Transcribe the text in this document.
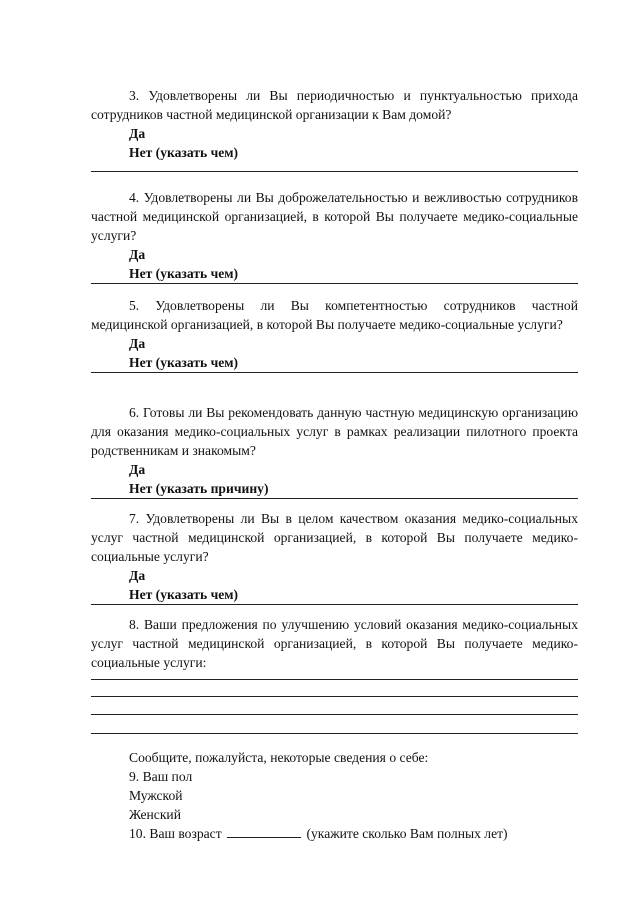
3. Удовлетворены ли Вы периодичностью и пунктуальностью прихода сотрудников частной медицинской организации к Вам домой?

Да

Нет (указать чем)

4. Удовлетворены ли Вы доброжелательностью и вежливостью сотрудников частной медицинской организацией, в которой Вы получаете медико-социальные услуги?

Да

Нет (указать чем)

5. Удовлетворены ли Вы компетентностью сотрудников частной медицинской организацией, в которой Вы получаете медико-социальные услуги?

Да

Нет (указать чем)

6. Готовы ли Вы рекомендовать данную частную медицинскую организацию для оказания медико-социальных услуг в рамках реализации пилотного проекта родственникам и знакомым?

Да

Нет (указать причину)

7. Удовлетворены ли Вы в целом качеством оказания медико-социальных услуг частной медицинской организацией, в которой Вы получаете медико-социальные услуги?

Да

Нет (указать чем)

8. Ваши предложения по улучшению условий оказания медико-социальных услуг частной медицинской организацией, в которой Вы получаете медико-социальные услуги:

Сообщите, пожалуйста, некоторые сведения о себе:

9. Ваш пол

Мужской

Женский

10. Ваш возраст	(укажите сколько Вам полных лет)
